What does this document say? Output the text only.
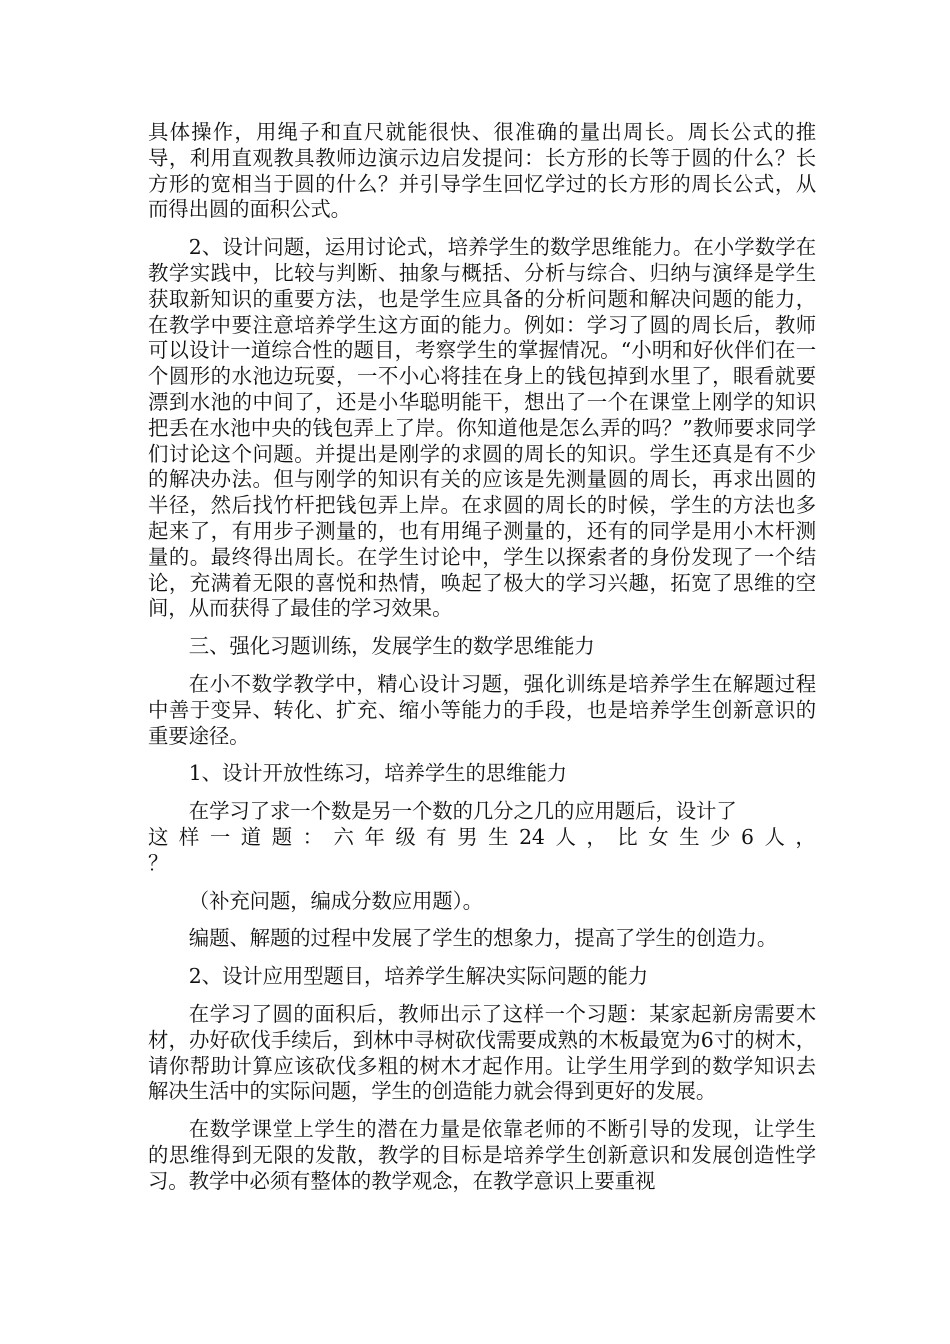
具体操作，用绳子和直尺就能很快、很准确的量出周长。周长公式的推导，利用直观教具教师边演示边启发提问：长方形的长等于圆的什么？长方形的宽相当于圆的什么？并引导学生回忆学过的长方形的周长公式，从而得出圆的面积公式。

2、设计问题，运用讨论式，培养学生的数学思维能力。在小学数学在教学实践中，比较与判断、抽象与概括、分析与综合、归纳与演绎是学生获取新知识的重要方法，也是学生应具备的分析问题和解决问题的能力，在教学中要注意培养学生这方面的能力。例如：学习了圆的周长后，教师可以设计一道综合性的题目，考察学生的掌握情况。“小明和好伙伴们在一个圆形的水池边玩耍，一不小心将挂在身上的钱包掉到水里了，眼看就要漂到水池的中间了，还是小华聪明能干，想出了一个在课堂上刚学的知识把丢在水池中央的钱包弄上了岸。你知道他是怎么弄的吗？”教师要求同学们讨论这个问题。并提出是刚学的求圆的周长的知识。学生还真是有不少的解决办法。但与刚学的知识有关的应该是先测量圆的周长，再求出圆的半径，然后找竹杆把钱包弄上岸。在求圆的周长的时候，学生的方法也多起来了，有用步子测量的，也有用绳子测量的，还有的同学是用小木杆测量的。最终得出周长。在学生讨论中，学生以探索者的身份发现了一个结论，充满着无限的喜悦和热情，唤起了极大的学习兴趣，拓宽了思维的空间，从而获得了最佳的学习效果。

三、强化习题训练，发展学生的数学思维能力

在小不数学教学中，精心设计习题，强化训练是培养学生在解题过程中善于变异、转化、扩充、缩小等能力的手段，也是培养学生创新意识的重要途径。

1、设计开放性练习，培养学生的思维能力

在学习了求一个数是另一个数的几分之几的应用题后，设计了
这 样 一 道 题 ： 六 年 级 有 男 生 24 人 ， 比 女 生 少 6 人 ，
？

（补充问题，编成分数应用题）。

编题、解题的过程中发展了学生的想象力，提高了学生的创造力。

2、设计应用型题目，培养学生解决实际问题的能力

在学习了圆的面积后，教师出示了这样一个习题：某家起新房需要木材，办好砍伐手续后，到林中寻树砍伐需要成熟的木板最宽为6寸的树木，请你帮助计算应该砍伐多粗的树木才起作用。让学生用学到的数学知识去解决生活中的实际问题，学生的创造能力就会得到更好的发展。

在数学课堂上学生的潜在力量是依靠老师的不断引导的发现，让学生的思维得到无限的发散，教学的目标是培养学生创新意识和发展创造性学习。教学中必须有整体的教学观念，在教学意识上要重视
